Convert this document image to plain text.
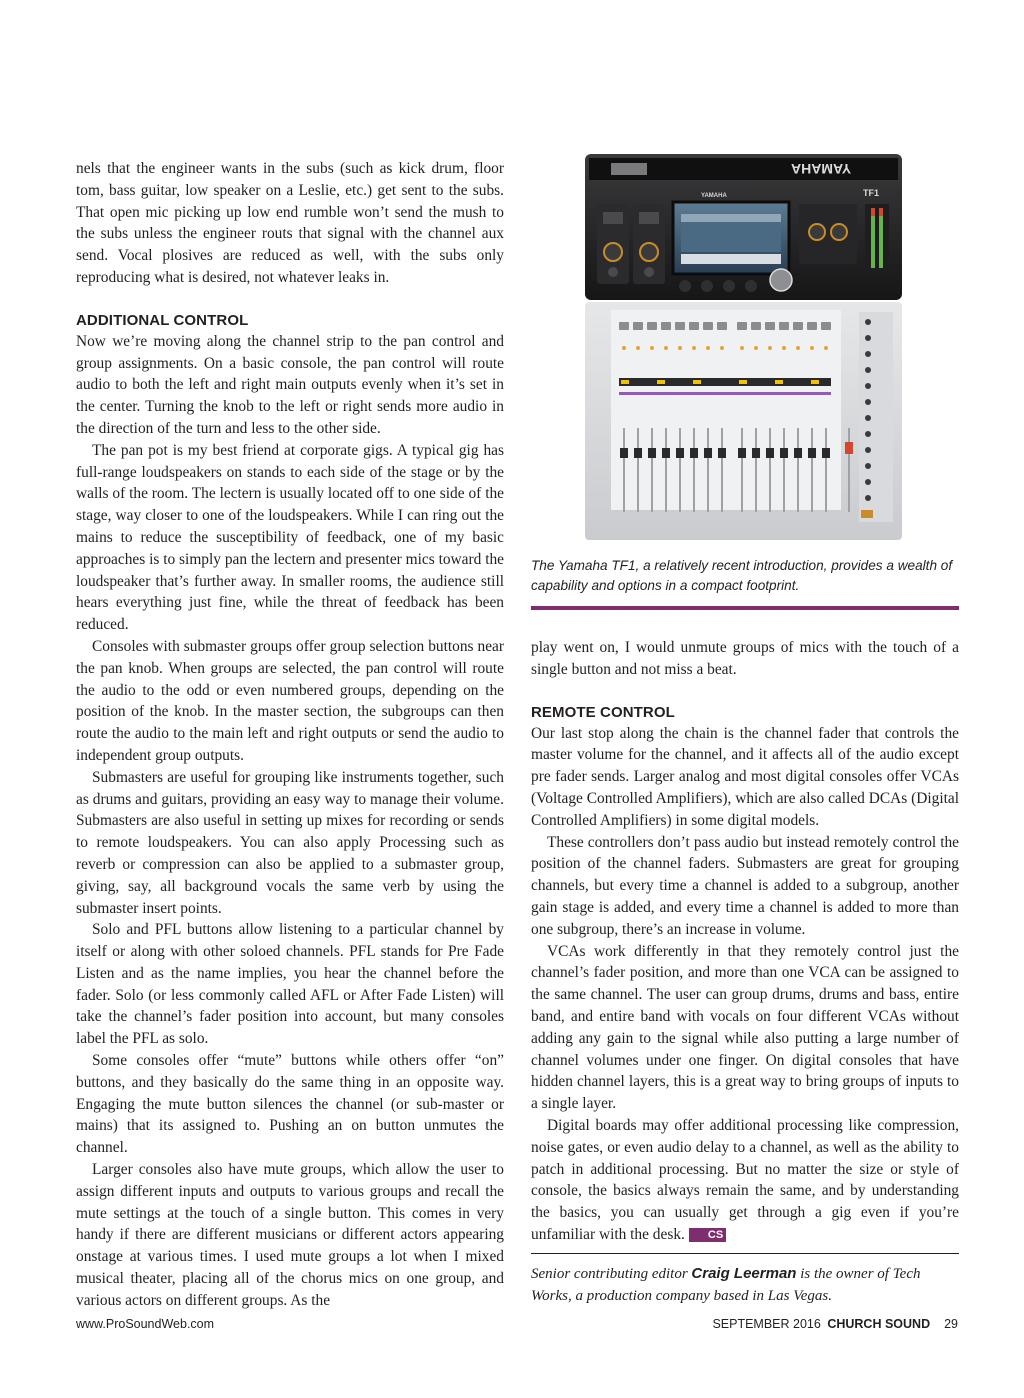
nels that the engineer wants in the subs (such as kick drum, floor tom, bass guitar, low speaker on a Leslie, etc.) get sent to the subs. That open mic picking up low end rumble won’t send the mush to the subs unless the engineer routs that signal with the channel aux send. Vocal plosives are reduced as well, with the subs only reproducing what is desired, not whatever leaks in.

ADDITIONAL CONTROL

Now we’re moving along the channel strip to the pan control and group assignments. On a basic console, the pan control will route audio to both the left and right main outputs evenly when it’s set in the center. Turning the knob to the left or right sends more audio in the direction of the turn and less to the other side.

The pan pot is my best friend at corporate gigs. A typical gig has full-range loudspeakers on stands to each side of the stage or by the walls of the room. The lectern is usually located off to one side of the stage, way closer to one of the loudspeakers. While I can ring out the mains to reduce the susceptibility of feedback, one of my basic approaches is to simply pan the lectern and presenter mics toward the loudspeaker that’s further away. In smaller rooms, the audience still hears everything just fine, while the threat of feedback has been reduced.

Consoles with submaster groups offer group selection buttons near the pan knob. When groups are selected, the pan control will route the audio to the odd or even numbered groups, depending on the position of the knob. In the master section, the subgroups can then route the audio to the main left and right outputs or send the audio to independent group outputs.

Submasters are useful for grouping like instruments together, such as drums and guitars, providing an easy way to manage their volume. Submasters are also useful in setting up mixes for recording or sends to remote loudspeakers. You can also apply Processing such as reverb or compression can also be applied to a submaster group, giving, say, all background vocals the same verb by using the submaster insert points.

Solo and PFL buttons allow listening to a particular channel by itself or along with other soloed channels. PFL stands for Pre Fade Listen and as the name implies, you hear the channel before the fader. Solo (or less commonly called AFL or After Fade Listen) will take the channel’s fader position into account, but many consoles label the PFL as solo.

Some consoles offer “mute” buttons while others offer “on” buttons, and they basically do the same thing in an opposite way. Engaging the mute button silences the channel (or sub-master or mains) that its assigned to. Pushing an on button unmutes the channel.

Larger consoles also have mute groups, which allow the user to assign different inputs and outputs to various groups and recall the mute settings at the touch of a single button. This comes in very handy if there are different musicians or different actors appearing onstage at various times. I used mute groups a lot when I mixed musical theater, placing all of the chorus mics on one group, and various actors on different groups. As the

YAMAHA
YAMAHA	TF1
The Yamaha TF1, a relatively recent introduction, provides a wealth of capability and options in a compact footprint.

play went on, I would unmute groups of mics with the touch of a single button and not miss a beat.

REMOTE CONTROL

Our last stop along the chain is the channel fader that controls the master volume for the channel, and it affects all of the audio except pre fader sends. Larger analog and most digital consoles offer VCAs (Voltage Controlled Amplifiers), which are also called DCAs (Digital Controlled Amplifiers) in some digital models.

These controllers don’t pass audio but instead remotely control the position of the channel faders. Submasters are great for grouping channels, but every time a channel is added to a subgroup, another gain stage is added, and every time a channel is added to more than one subgroup, there’s an increase in volume.

VCAs work differently in that they remotely control just the channel’s fader position, and more than one VCA can be assigned to the same channel. The user can group drums, drums and bass, entire band, and entire band with vocals on four different VCAs without adding any gain to the signal while also putting a large number of channel volumes under one finger. On digital consoles that have hidden channel layers, this is a great way to bring groups of inputs to a single layer.

Digital boards may offer additional processing like compression, noise gates, or even audio delay to a channel, as well as the ability to patch in additional processing. But no matter the size or style of console, the basics always remain the same, and by understanding the basics, you can usually get through a gig even if you’re unfamiliar with the desk. CS

Senior contributing editor Craig Leerman is the owner of Tech Works, a production company based in Las Vegas.
www.ProSoundWeb.com	SEPTEMBER 2016 CHURCH SOUND 29
